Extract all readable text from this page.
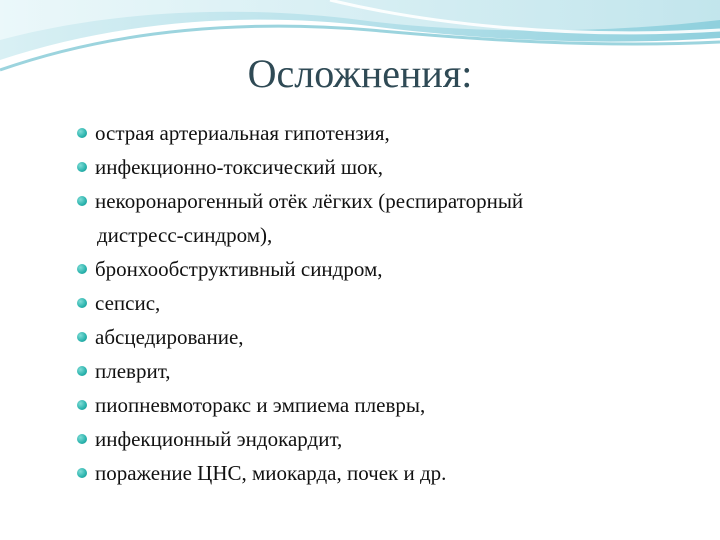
Осложнения:
острая артериальная гипотензия,
инфекционно-токсический шок,
некоронарогенный отёк лёгких (респираторный
дистресс-синдром),
бронхообструктивный синдром,
сепсис,
абсцедирование,
плеврит,
пиопневмоторакс и эмпиема плевры,
инфекционный эндокардит,
поражение ЦНС, миокарда, почек и др.
